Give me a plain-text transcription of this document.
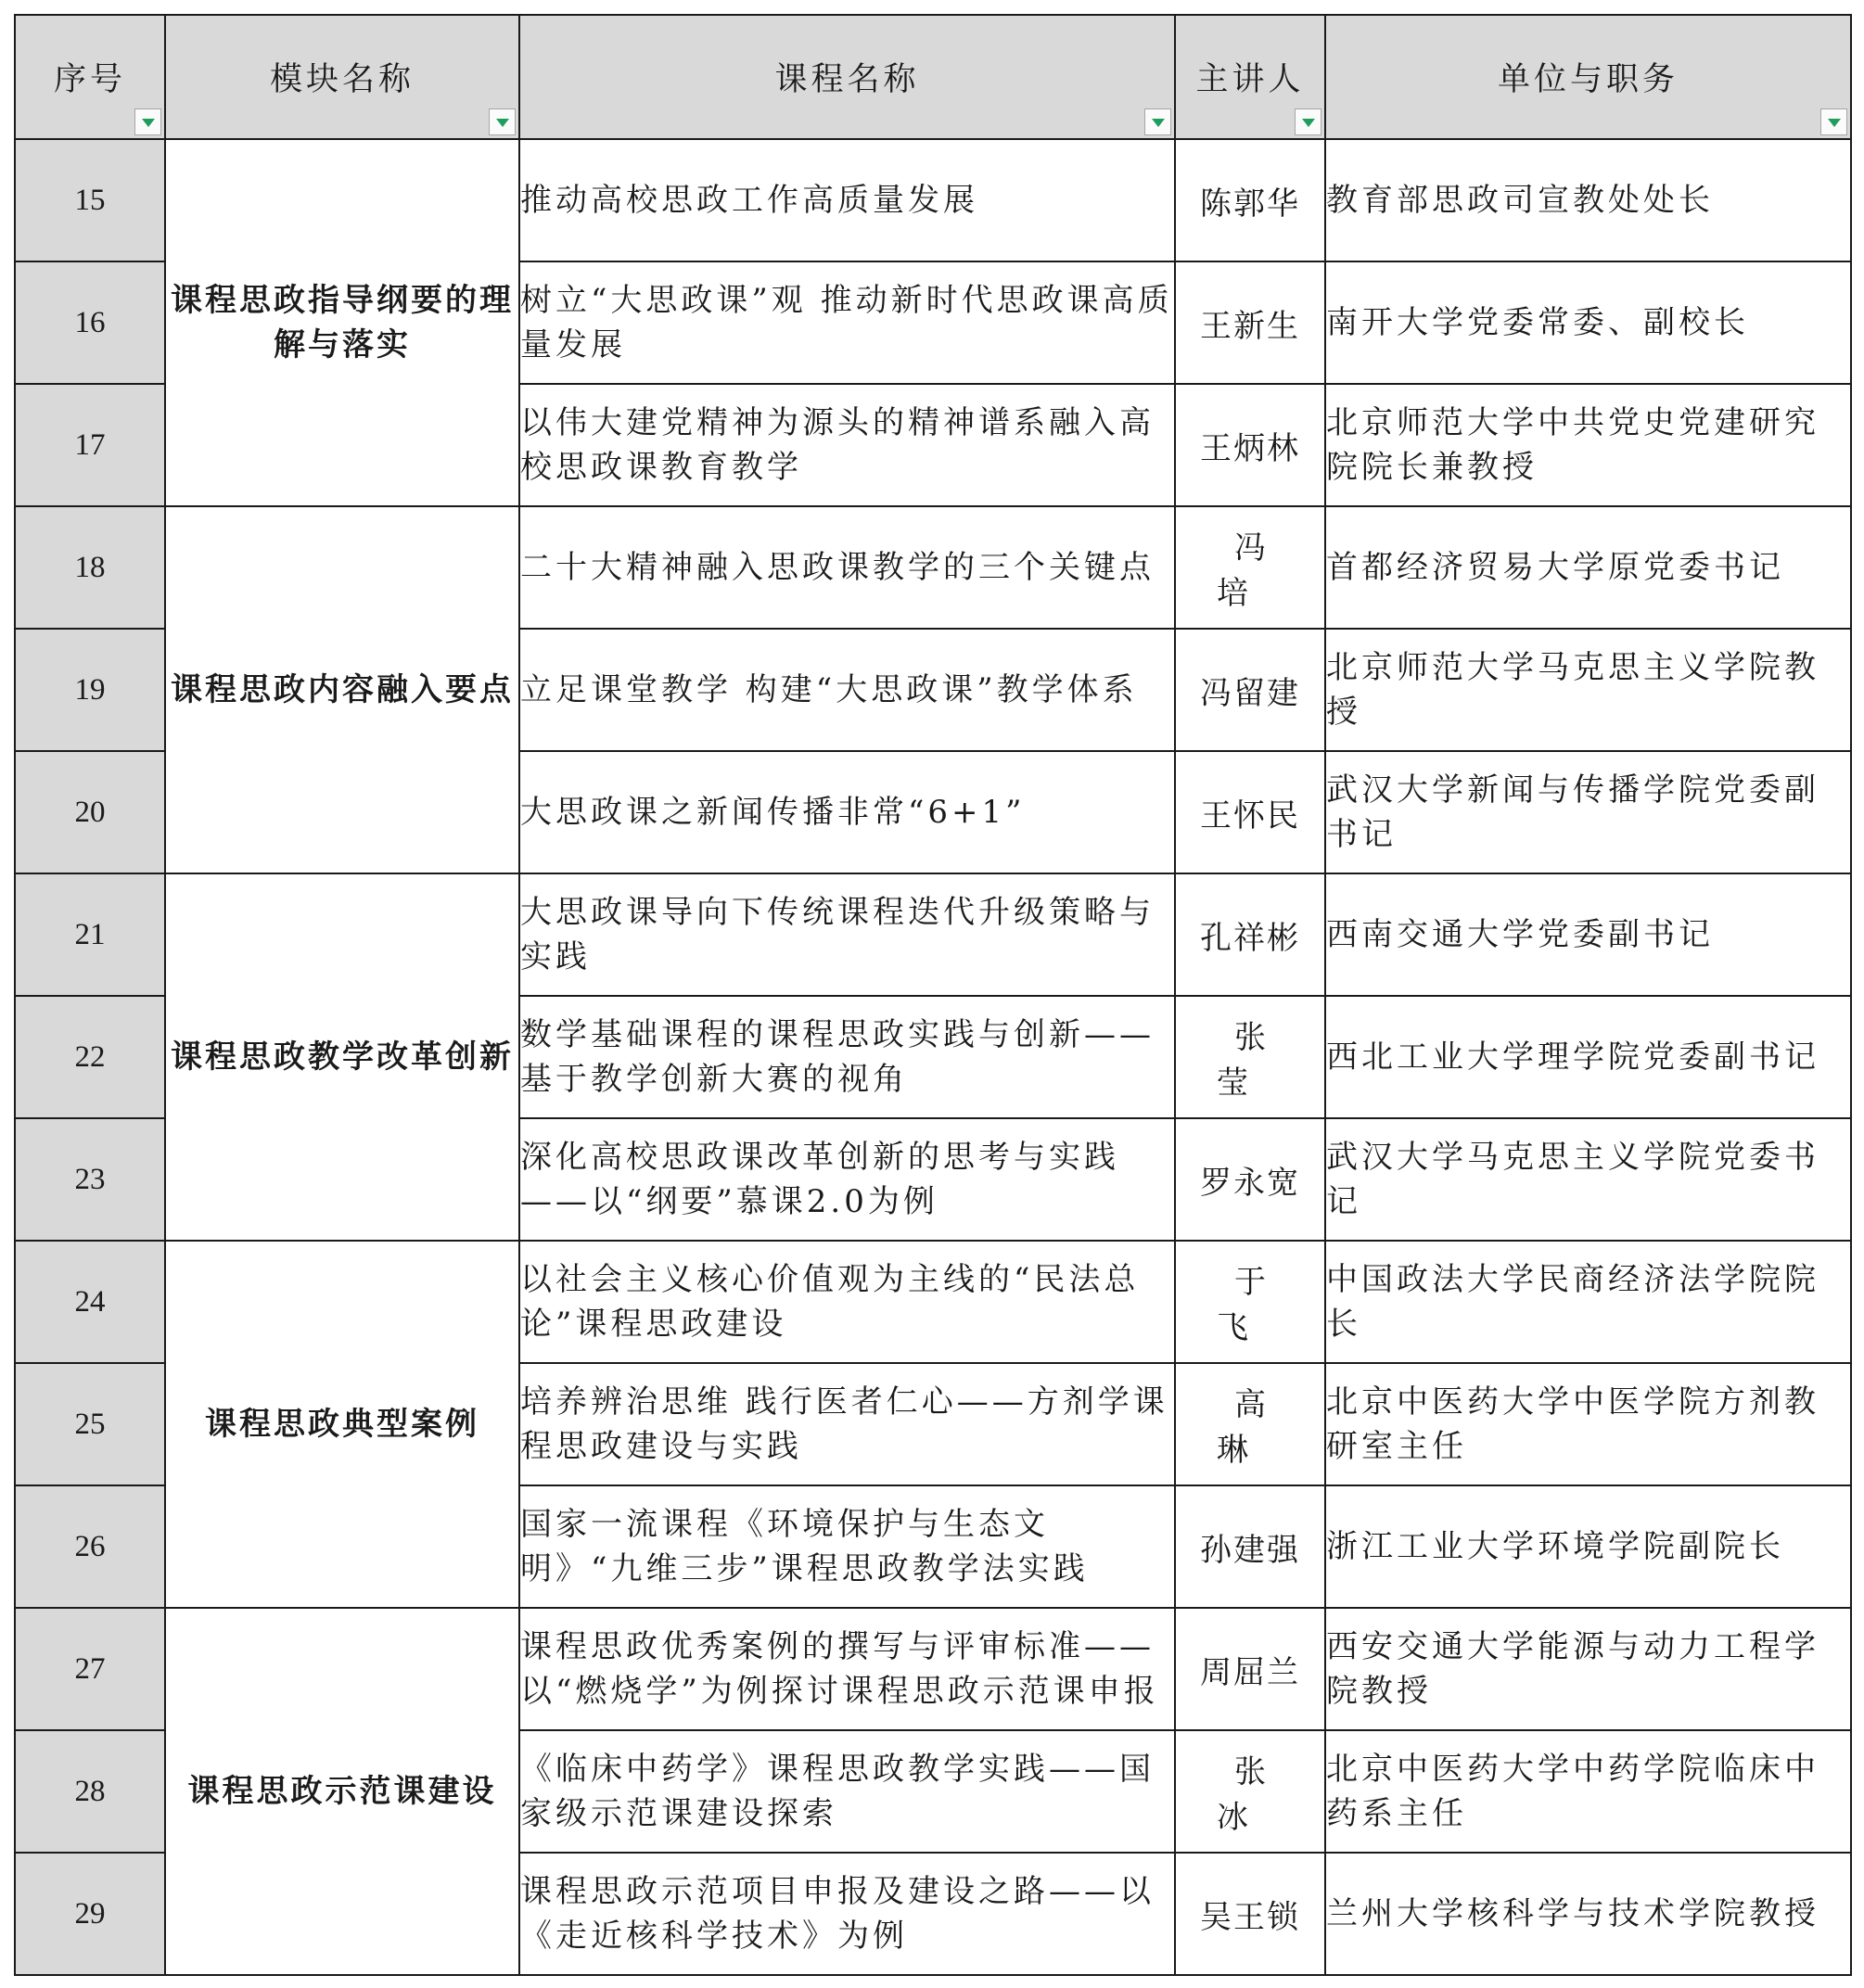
序号	模块名称	课程名称	主讲人	单位与职务

15	课程思政指导纲要的理解与落实	推动高校思政工作高质量发展	陈郭华	教育部思政司宣教处处长
16		树立“大思政课”观 推动新时代思政课高质量发展	王新生	南开大学党委常委、副校长
17		以伟大建党精神为源头的精神谱系融入高校思政课教育教学	王炳林	北京师范大学中共党史党建研究院院长兼教授
18	课程思政内容融入要点	二十大精神融入思政课教学的三个关键点	冯培	首都经济贸易大学原党委书记
19		立足课堂教学 构建“大思政课”教学体系	冯留建	北京师范大学马克思主义学院教授
20		大思政课之新闻传播非常“6+1”	王怀民	武汉大学新闻与传播学院党委副书记
21	课程思政教学改革创新	大思政课导向下传统课程迭代升级策略与实践	孔祥彬	西南交通大学党委副书记
22		数学基础课程的课程思政实践与创新——基于教学创新大赛的视角	张莹	西北工业大学理学院党委副书记
23		深化高校思政课改革创新的思考与实践——以“纲要”慕课2.0为例	罗永宽	武汉大学马克思主义学院党委书记
24	课程思政典型案例	以社会主义核心价值观为主线的“民法总论”课程思政建设	于飞	中国政法大学民商经济法学院院长
25		培养辨治思维 践行医者仁心——方剂学课程思政建设与实践	高琳	北京中医药大学中医学院方剂教研室主任
26		国家一流课程《环境保护与生态文明》“九维三步”课程思政教学法实践	孙建强	浙江工业大学环境学院副院长
27	课程思政示范课建设	课程思政优秀案例的撰写与评审标准——以“燃烧学”为例探讨课程思政示范课申报	周屈兰	西安交通大学能源与动力工程学院教授
28		《临床中药学》课程思政教学实践——国家级示范课建设探索	张冰	北京中医药大学中药学院临床中药系主任
29		课程思政示范项目申报及建设之路——以《走近核科学技术》为例	吴王锁	兰州大学核科学与技术学院教授
